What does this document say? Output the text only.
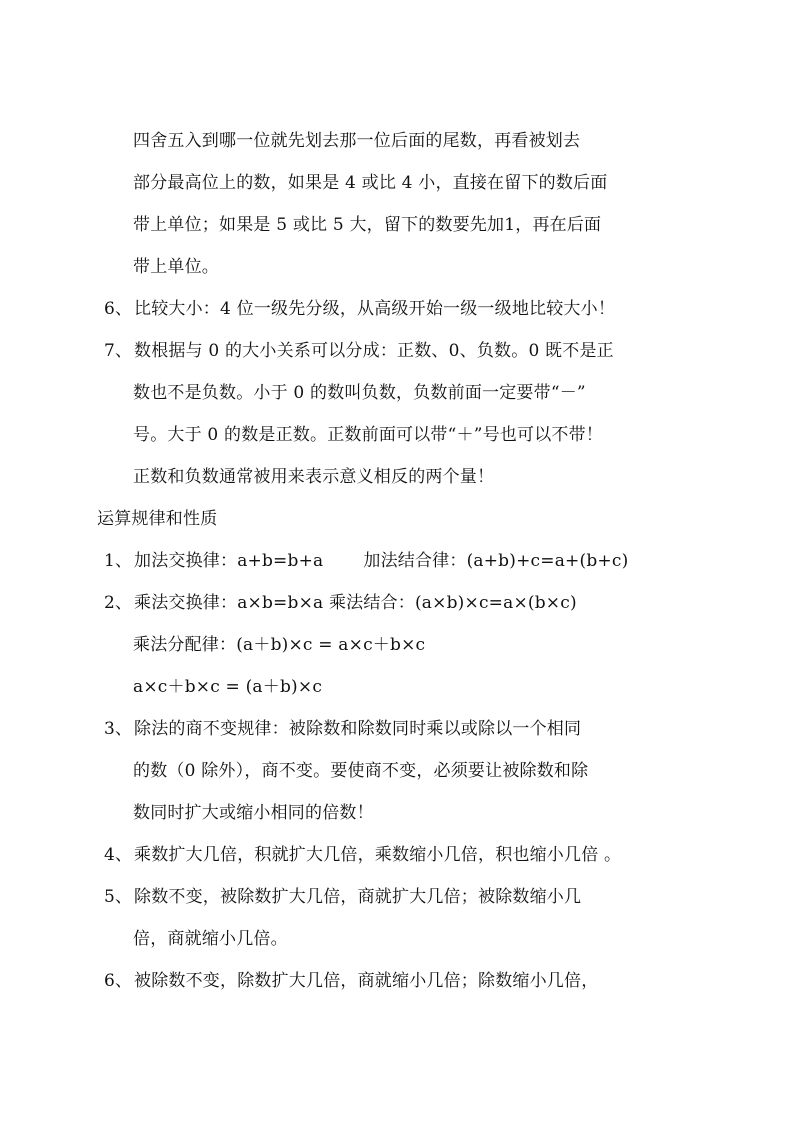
四舍五入到哪一位就先划去那一位后面的尾数，再看被划去
部分最高位上的数，如果是 4 或比 4 小，直接在留下的数后面
带上单位；如果是 5 或比 5 大，留下的数要先加1，再在后面
带上单位。
6、 比较大小：4 位一级先分级，从高级开始一级一级地比较大小！
7、 数根据与 0 的大小关系可以分成：正数、0、负数。0 既不是正
数也不是负数。小于 0 的数叫负数，负数前面一定要带“－”
号。大于 0 的数是正数。正数前面可以带“＋”号也可以不带！
正数和负数通常被用来表示意义相反的两个量！
运算规律和性质
1、 加法交换律：a+b=b+a 加法结合律：(a+b)+c=a+(b+c)
2、 乘法交换律：a×b=b×a 乘法结合：(a×b)×c=a×(b×c)
乘法分配律：(a＋b)×c = a×c＋b×c
a×c＋b×c = (a＋b)×c
3、 除法的商不变规律：被除数和除数同时乘以或除以一个相同
的数（0 除外），商不变。要使商不变，必须要让被除数和除
数同时扩大或缩小相同的倍数！
4、 乘数扩大几倍，积就扩大几倍，乘数缩小几倍，积也缩小几倍 。
5、 除数不变，被除数扩大几倍，商就扩大几倍；被除数缩小几
倍，商就缩小几倍。
6、 被除数不变，除数扩大几倍，商就缩小几倍；除数缩小几倍，
